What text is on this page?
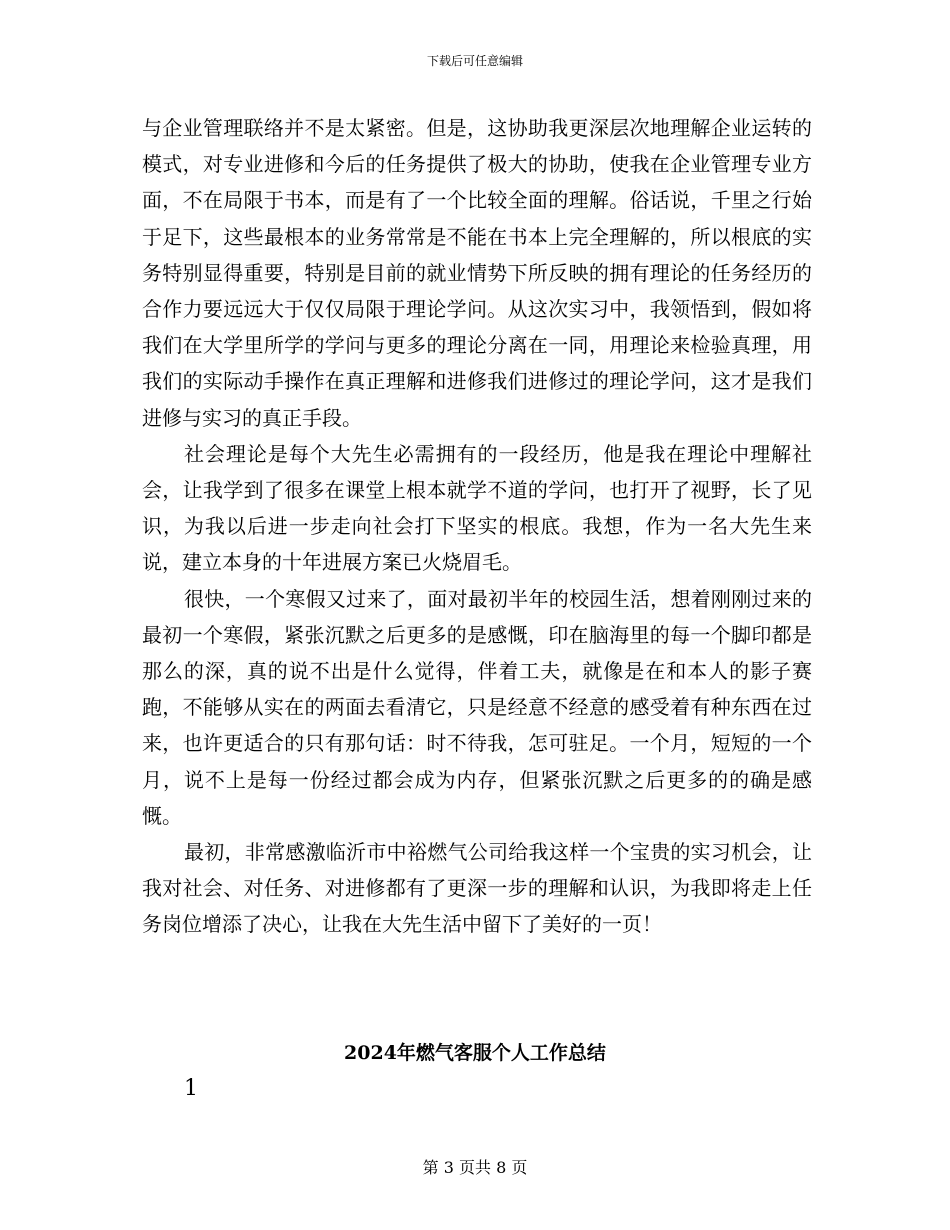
下载后可任意编辑

与企业管理联络并不是太紧密。但是，这协助我更深层次地理解企业运转的模式，对专业进修和今后的任务提供了极大的协助，使我在企业管理专业方面，不在局限于书本，而是有了一个比较全面的理解。俗话说，千里之行始于足下，这些最根本的业务常常是不能在书本上完全理解的，所以根底的实务特别显得重要，特别是目前的就业情势下所反映的拥有理论的任务经历的合作力要远远大于仅仅局限于理论学问。从这次实习中，我领悟到，假如将我们在大学里所学的学问与更多的理论分离在一同，用理论来检验真理，用我们的实际动手操作在真正理解和进修我们进修过的理论学问，这才是我们进修与实习的真正手段。

社会理论是每个大先生必需拥有的一段经历，他是我在理论中理解社会，让我学到了很多在课堂上根本就学不道的学问，也打开了视野，长了见识，为我以后进一步走向社会打下坚实的根底。我想，作为一名大先生来说，建立本身的十年进展方案已火烧眉毛。

很快，一个寒假又过来了，面对最初半年的校园生活，想着刚刚过来的最初一个寒假，紧张沉默之后更多的是感慨，印在脑海里的每一个脚印都是那么的深，真的说不出是什么觉得，伴着工夫，就像是在和本人的影子赛跑，不能够从实在的两面去看清它，只是经意不经意的感受着有种东西在过来，也许更适合的只有那句话：时不待我，怎可驻足。一个月，短短的一个月，说不上是每一份经过都会成为内存，但紧张沉默之后更多的的确是感慨。

最初，非常感激临沂市中裕燃气公司给我这样一个宝贵的实习机会，让我对社会、对任务、对进修都有了更深一步的理解和认识，为我即将走上任务岗位增添了决心，让我在大先生活中留下了美好的一页！

2024年燃气客服个人工作总结
1
第 3 页共 8 页
